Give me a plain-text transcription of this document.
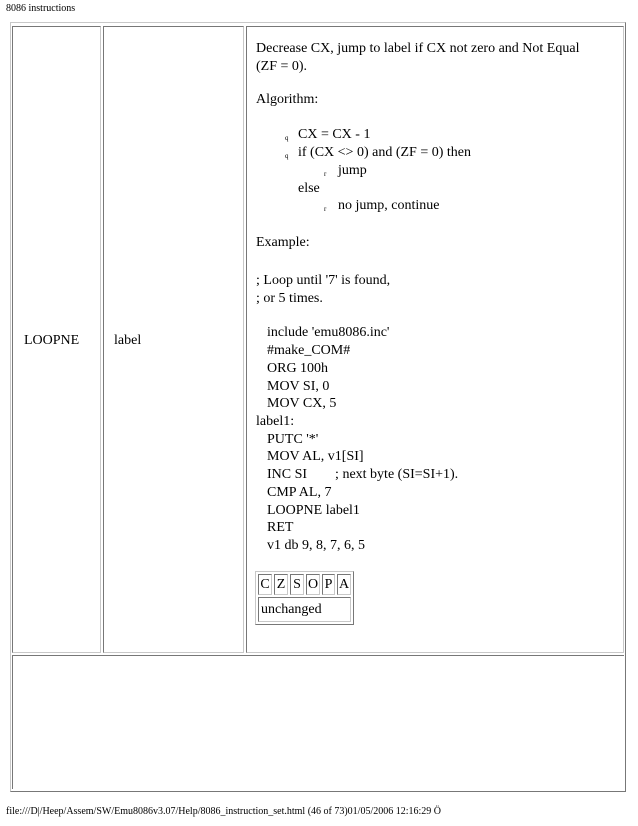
8086 instructions
LOOPNE label
Decrease CX, jump to label if CX not zero and Not Equal
(ZF = 0).
Algorithm:
q CX = CX - 1
q if (CX <> 0) and (ZF = 0) then
r jump
else
r no jump, continue
Example:
; Loop until '7' is found,
; or 5 times.
include 'emu8086.inc'
#make_COM#
ORG 100h
MOV SI, 0
MOV CX, 5
label1:
PUTC '*'
MOV AL, v1[SI]
INC SI        ; next byte (SI=SI+1).
CMP AL, 7
LOOPNE label1
RET
v1 db 9, 8, 7, 6, 5
C Z S O P A
unchanged
file:///D|/Heep/Assem/SW/Emu8086v3.07/Help/8086_instruction_set.html (46 of 73)01/05/2006 12:16:29 Ö
